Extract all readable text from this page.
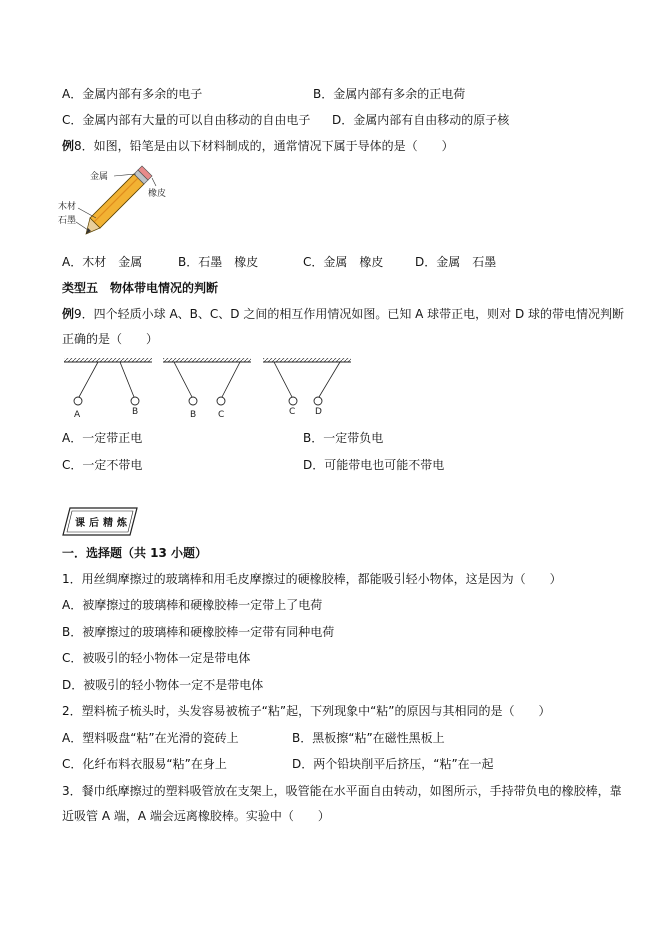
A．金属内部有多余的电子	B．金属内部有多余的正电荷
C．金属内部有大量的可以自由移动的自由电子 D．金属内部有自由移动的原子核
例8．如图，铅笔是由以下材料制成的，通常情况下属于导体的是（　　）
金属
橡皮
木材
石墨
A．木材　金属	B．石墨　橡皮	C．金属　橡皮	D．金属　石墨
类型五　物体带电情况的判断
例9．四个轻质小球 A、B、C、D 之间的相互作用情况如图。已知 A 球带正电，则对 D 球的带电情况判断
正确的是（　　）
A	B	B C	C D
A．一定带正电	B．一定带负电
C．一定不带电	D．可能带电也可能不带电
课 后 精 炼
一．选择题（共 13 小题）
1．用丝绸摩擦过的玻璃棒和用毛皮摩擦过的硬橡胶棒，都能吸引轻小物体，这是因为（　　）
A．被摩擦过的玻璃棒和硬橡胶棒一定带上了电荷
B．被摩擦过的玻璃棒和硬橡胶棒一定带有同种电荷
C．被吸引的轻小物体一定是带电体
D．被吸引的轻小物体一定不是带电体
2．塑料梳子梳头时，头发容易被梳子“粘”起，下列现象中“粘”的原因与其相同的是（　　）
A．塑料吸盘“粘”在光滑的瓷砖上	B．黑板擦“粘”在磁性黑板上
C．化纤布料衣服易“粘”在身上	D．两个铅块削平后挤压，“粘”在一起
3．餐巾纸摩擦过的塑料吸管放在支架上，吸管能在水平面自由转动，如图所示，手持带负电的橡胶棒，靠
近吸管 A 端，A 端会远离橡胶棒。实验中（　　）
